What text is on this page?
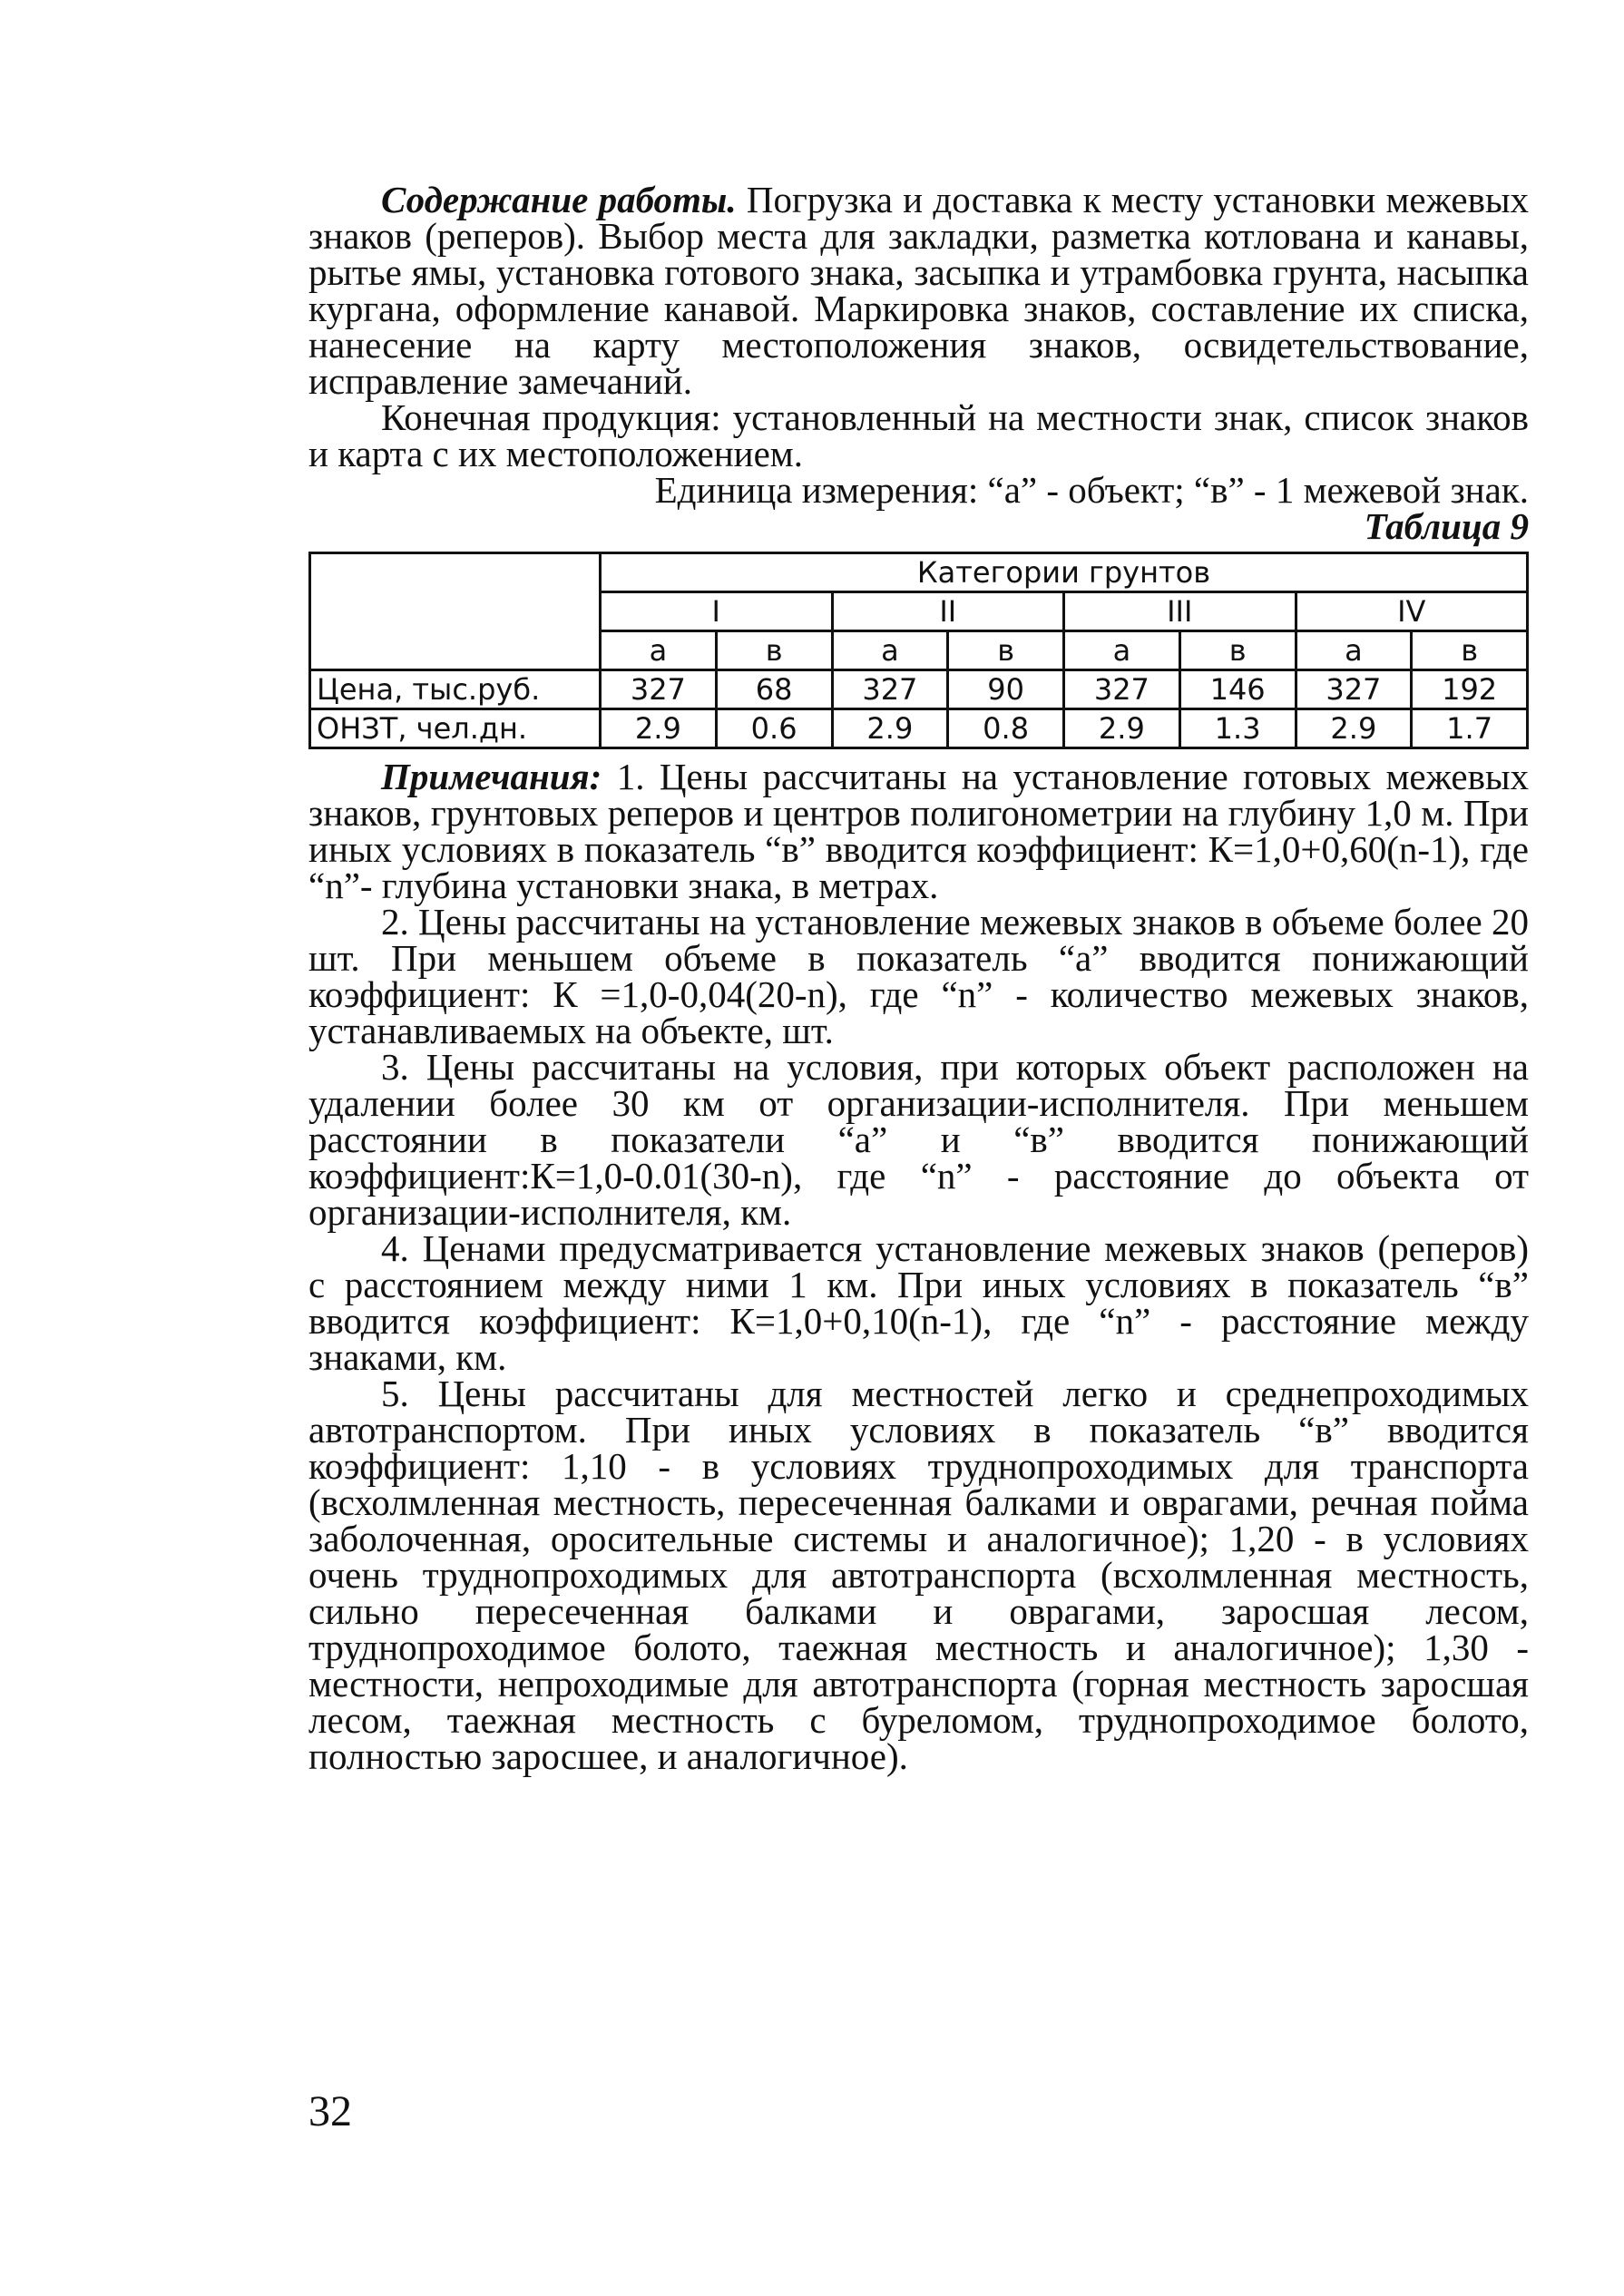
Содержание работы. Погрузка и доставка к месту установки межевых знаков (реперов). Выбор места для закладки, разметка котлована и канавы, рытье ямы, установка готового знака, засыпка и утрамбовка грунта, насыпка кургана, оформление канавой. Маркировка знаков, составление их списка, нанесение на карту местоположения знаков, освидетельствование, исправление замечаний.

Конечная продукция: установленный на местности знак, список знаков и карта с их местоположением.

Единица измерения: “а” - объект; “в” - 1 межевой знак.

Таблица 9
	Категории грунтов							
	I		II		III		IV	
	а	в	а	в	а	в	а	в
Цена, тыс.руб.	327	68	327	90	327	146	327	192
ОНЗТ, чел.дн.	2.9	0.6	2.9	0.8	2.9	1.3	2.9	1.7

Примечания: 1. Цены рассчитаны на установление готовых межевых знаков, грунтовых реперов и центров полигонометрии на глубину 1,0 м. При иных условиях в показатель “в” вводится коэффициент: К=1,0+0,60(n-1), где “n”- глубина установки знака, в метрах.

2. Цены рассчитаны на установление межевых знаков в объеме более 20 шт. При меньшем объеме в показатель “а” вводится понижающий коэффициент: К =1,0-0,04(20-n), где “n” - количество межевых знаков, устанавливаемых на объекте, шт.

3. Цены рассчитаны на условия, при которых объект расположен на удалении более 30 км от организации-исполнителя. При меньшем расстоянии в показатели “а” и “в” вводится понижающий коэффициент:К=1,0-0.01(30-n), где “n” - расстояние до объекта от организации-исполнителя, км.

4. Ценами предусматривается установление межевых знаков (реперов) с расстоянием между ними 1 км. При иных условиях в показатель “в” вводится коэффициент: К=1,0+0,10(n-1), где “n” - расстояние между знаками, км.

5. Цены рассчитаны для местностей легко и среднепроходимых автотранспортом. При иных условиях в показатель “в” вводится коэффициент: 1,10 - в условиях труднопроходимых для транспорта (всхолмленная местность, пересеченная балками и оврагами, речная пойма заболоченная, оросительные системы и аналогичное); 1,20 - в условиях очень труднопроходимых для автотранспорта (всхолмленная местность, сильно пересеченная балками и оврагами, заросшая лесом, труднопроходимое болото, таежная местность и аналогичное); 1,30 - местности, непроходимые для автотранспорта (горная местность заросшая лесом, таежная местность с буреломом, труднопроходимое болото, полностью заросшее, и аналогичное).

32
